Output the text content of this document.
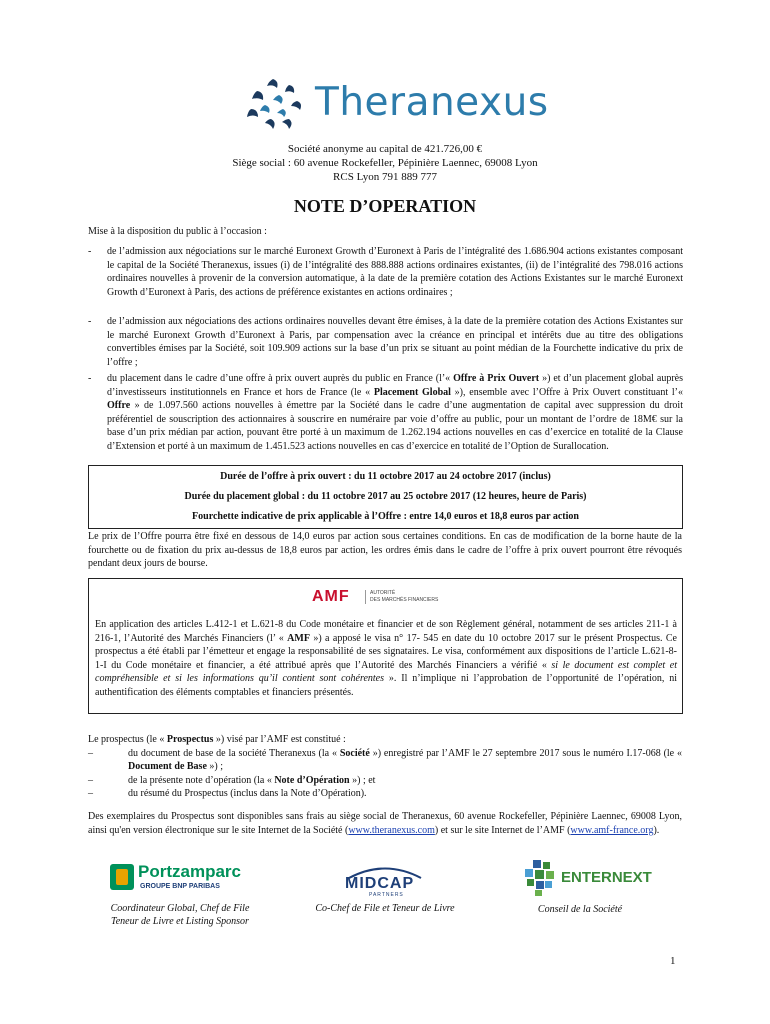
Theranexus
Société anonyme au capital de 421.726,00 €
Siège social : 60 avenue Rockefeller, Pépinière Laennec, 69008 Lyon
RCS Lyon 791 889 777
NOTE D’OPERATION
Mise à la disposition du public à l’occasion :
- de l’admission aux négociations sur le marché Euronext Growth d’Euronext à Paris de l’intégralité des 1.686.904 actions existantes composant le capital de la Société Theranexus, issues (i) de l’intégralité des 888.888 actions ordinaires existantes, (ii) de l’intégralité des 798.016 actions ordinaires nouvelles à provenir de la conversion automatique, à la date de la première cotation des Actions Existantes sur le marché Euronext Growth d’Euronext à Paris, des actions de préférence existantes en actions ordinaires ;
- de l’admission aux négociations des actions ordinaires nouvelles devant être émises, à la date de la première cotation des Actions Existantes sur le marché Euronext Growth d’Euronext à Paris, par compensation avec la créance en principal et intérêts due au titre des obligations convertibles émises par la Société, soit 109.909 actions sur la base d’un prix se situant au point médian de la Fourchette indicative du prix de l’offre ;
- du placement dans le cadre d’une offre à prix ouvert auprès du public en France (l’« Offre à Prix Ouvert ») et d’un placement global auprès d’investisseurs institutionnels en France et hors de France (le « Placement Global »), ensemble avec l’Offre à Prix Ouvert constituant l’« Offre » de 1.097.560 actions nouvelles à émettre par la Société dans le cadre d’une augmentation de capital avec suppression du droit préférentiel de souscription des actionnaires à souscrire en numéraire par voie d’offre au public, pour un montant de l’ordre de 18M€ sur la base d’un prix médian par action, pouvant être porté à un maximum de 1.262.194 actions nouvelles en cas d’exercice en totalité de la Clause d’Extension et porté à un maximum de 1.451.523 actions nouvelles en cas d’exercice en totalité de l’Option de Surallocation.
Durée de l’offre à prix ouvert : du 11 octobre 2017 au 24 octobre 2017 (inclus)
Durée du placement global : du 11 octobre 2017 au 25 octobre 2017 (12 heures, heure de Paris)
Fourchette indicative de prix applicable à l’Offre : entre 14,0 euros et 18,8 euros par action
Le prix de l’Offre pourra être fixé en dessous de 14,0 euros par action sous certaines conditions. En cas de modification de la borne haute de la fourchette ou de fixation du prix au-dessus de 18,8 euros par action, les ordres émis dans le cadre de l’offre à prix ouvert pourront être révoqués pendant deux jours de bourse.
AMF	AUTORITÉ
DES MARCHÉS FINANCIERS
En application des articles L.412-1 et L.621-8 du Code monétaire et financier et de son Règlement général, notamment de ses articles 211-1 à 216-1, l’Autorité des Marchés Financiers (l’ « AMF ») a apposé le visa n° 17- 545 en date du 10 octobre 2017 sur le présent Prospectus. Ce prospectus a été établi par l’émetteur et engage la responsabilité de ses signataires. Le visa, conformément aux dispositions de l’article L.621-8-1-I du Code monétaire et financier, a été attribué après que l’Autorité des Marchés Financiers a vérifié « si le document est complet et compréhensible et si les informations qu’il contient sont cohérentes ». Il n’implique ni l’approbation de l’opportunité de l’opération, ni authentification des éléments comptables et financiers présentés.
Le prospectus (le « Prospectus ») visé par l’AMF est constitué :
–	du document de base de la société Theranexus (la « Société ») enregistré par l’AMF le 27 septembre 2017 sous le numéro I.17-068 (le « Document de Base ») ;
–	de la présente note d’opération (la « Note d’Opération ») ; et
–	du résumé du Prospectus (inclus dans la Note d’Opération).
Des exemplaires du Prospectus sont disponibles sans frais au siège social de Theranexus, 60 avenue Rockefeller, Pépinière Laennec, 69008 Lyon, ainsi qu'en version électronique sur le site Internet de la Société (www.theranexus.com) et sur le site Internet de l’AMF (www.amf-france.org).
Portzamparc
GROUPE BNP PARIBAS
Coordinateur Global, Chef de File
Teneur de Livre et Listing Sponsor
MIDCAP
PARTNERS
Co-Chef de File et Teneur de Livre
ENTERNEXT
Conseil de la Société
1
